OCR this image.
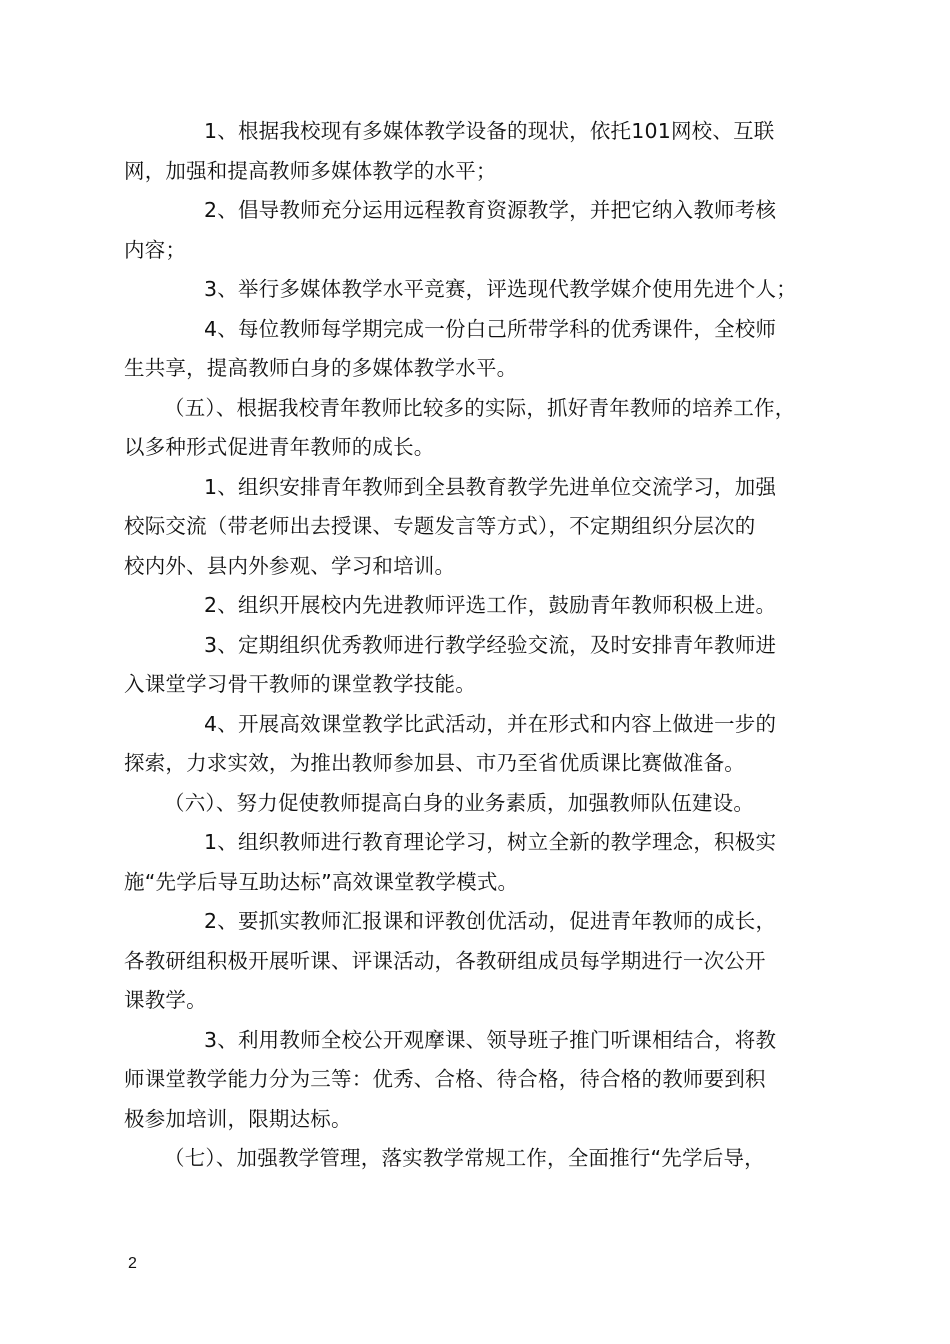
1、根据我校现有多媒体教学设备的现状，依托101网校、互联
网，加强和提高教师多媒体教学的水平；
2、倡导教师充分运用远程教育资源教学，并把它纳入教师考核
内容；
3、举行多媒体教学水平竞赛，评选现代教学媒介使用先进个人；
4、每位教师每学期完成一份白己所带学科的优秀课件，全校师
生共享，提高教师白身的多媒体教学水平。
（五）、根据我校青年教师比较多的实际，抓好青年教师的培养工作，
以多种形式促进青年教师的成长。
1、组织安排青年教师到全县教育教学先进单位交流学习，加强
校际交流（带老师出去授课、专题发言等方式），不定期组织分层次的
校内外、县内外参观、学习和培训。
2、组织开展校内先进教师评选工作，鼓励青年教师积极上进。
3、定期组织优秀教师进行教学经验交流，及时安排青年教师进
入课堂学习骨干教师的课堂教学技能。
4、开展高效课堂教学比武活动，并在形式和内容上做进一步的
探索，力求实效，为推出教师参加县、市乃至省优质课比赛做准备。
（六）、努力促使教师提高白身的业务素质，加强教师队伍建设。
1、组织教师进行教育理论学习，树立全新的教学理念，积极实
施“先学后导互助达标”高效课堂教学模式。
2、要抓实教师汇报课和评教创优活动，促进青年教师的成长，
各教研组积极开展听课、评课活动，各教研组成员每学期进行一次公开
课教学。
3、利用教师全校公开观摩课、领导班子推门听课相结合，将教
师课堂教学能力分为三等：优秀、合格、待合格，待合格的教师要到积
极参加培训，限期达标。
（七）、加强教学管理，落实教学常规工作，全面推行“先学后导，
2
